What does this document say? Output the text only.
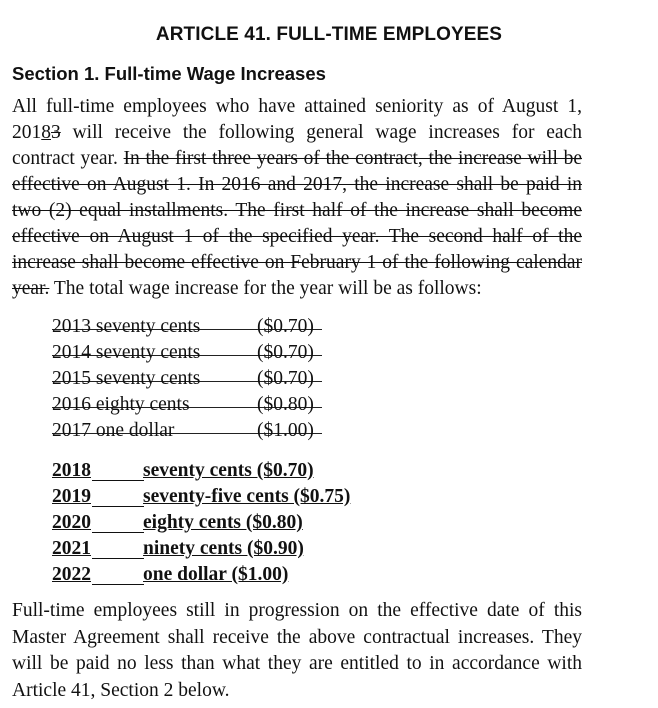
ARTICLE 41. FULL-TIME EMPLOYEES
Section 1. Full-time Wage Increases
All full-time employees who have attained seniority as of August 1, 20183 will receive the following general wage increases for each contract year. In the first three years of the contract, the increase will be effective on August 1. In 2016 and 2017, the increase shall be paid in two (2) equal installments. The first half of the increase shall become effective on August 1 of the specified year. The second half of the increase shall become effective on February 1 of the following calendar year. The total wage increase for the year will be as follows:
2013 seventy cents	($0.70)
2014 seventy cents	($0.70)
2015 seventy cents	($0.70)
2016 eighty cents	($0.80)
2017 one dollar	($1.00)
2018	seventy cents ($0.70)
2019	seventy-five cents ($0.75)
2020	eighty cents ($0.80)
2021	ninety cents ($0.90)
2022	one dollar ($1.00)
Full-time employees still in progression on the effective date of this Master Agreement shall receive the above contractual increases. They will be paid no less than what they are entitled to in accordance with Article 41, Section 2 below.
